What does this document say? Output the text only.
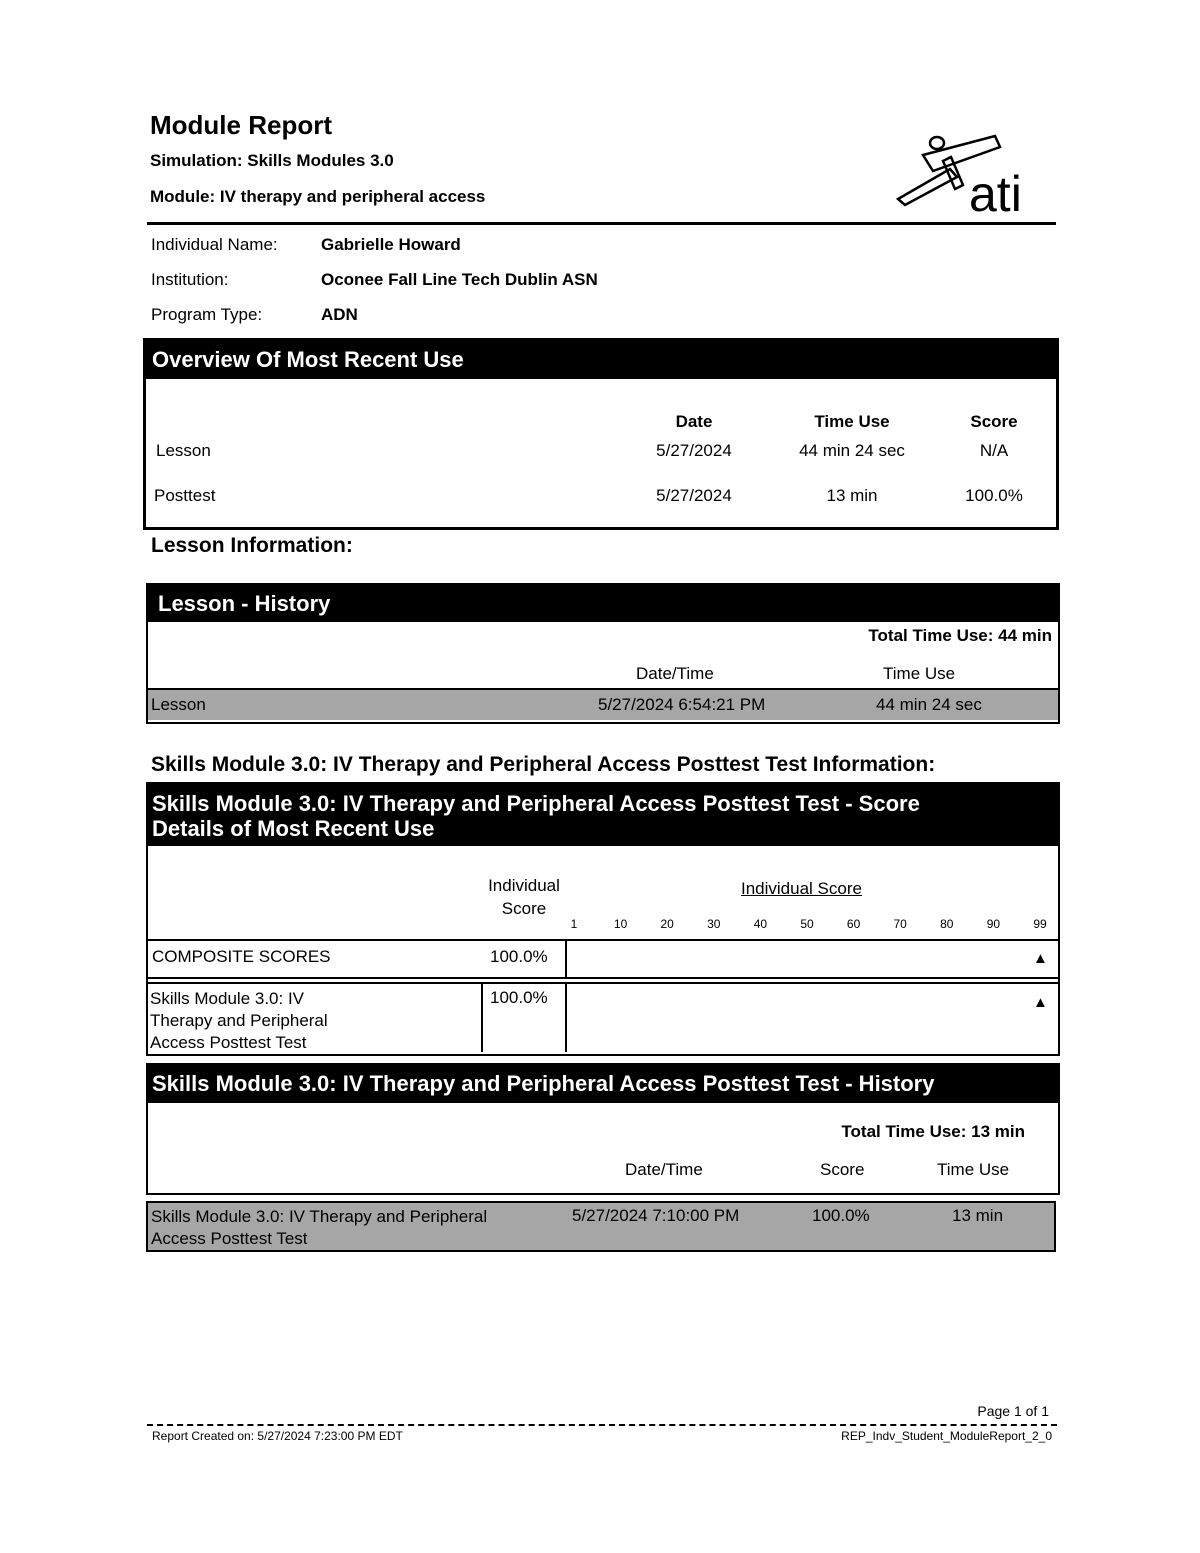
Module Report
Simulation: Skills Modules 3.0
Module: IV therapy and peripheral access	ati
Individual Name:	Gabrielle Howard
Institution:	Oconee Fall Line Tech Dublin ASN
Program Type:	ADN
Overview Of Most Recent Use
Date	Time Use	Score
Lesson	5/27/2024	44 min 24 sec	N/A
Posttest	5/27/2024	13 min	100.0%
Lesson Information:
Lesson - History
Total Time Use: 44 min
Date/Time	Time Use
Lesson	5/27/2024 6:54:21 PM	44 min 24 sec
Skills Module 3.0: IV Therapy and Peripheral Access Posttest Test Information:
Skills Module 3.0: IV Therapy and Peripheral Access Posttest Test - Score
Details of Most Recent Use
Individual
Score
Individual Score
1	10	20	30	40	50	60	70	80	90	99
COMPOSITE SCORES	100.0%	▲
Skills Module 3.0: IV
Therapy and Peripheral
Access Posttest Test
100.0%	▲
Skills Module 3.0: IV Therapy and Peripheral Access Posttest Test - History
Total Time Use: 13 min
Date/Time	Score	Time Use
Skills Module 3.0: IV Therapy and Peripheral
Access Posttest Test
5/27/2024 7:10:00 PM	100.0%	13 min
Page 1 of 1
Report Created on: 5/27/2024 7:23:00 PM EDT	REP_Indv_Student_ModuleReport_2_0
